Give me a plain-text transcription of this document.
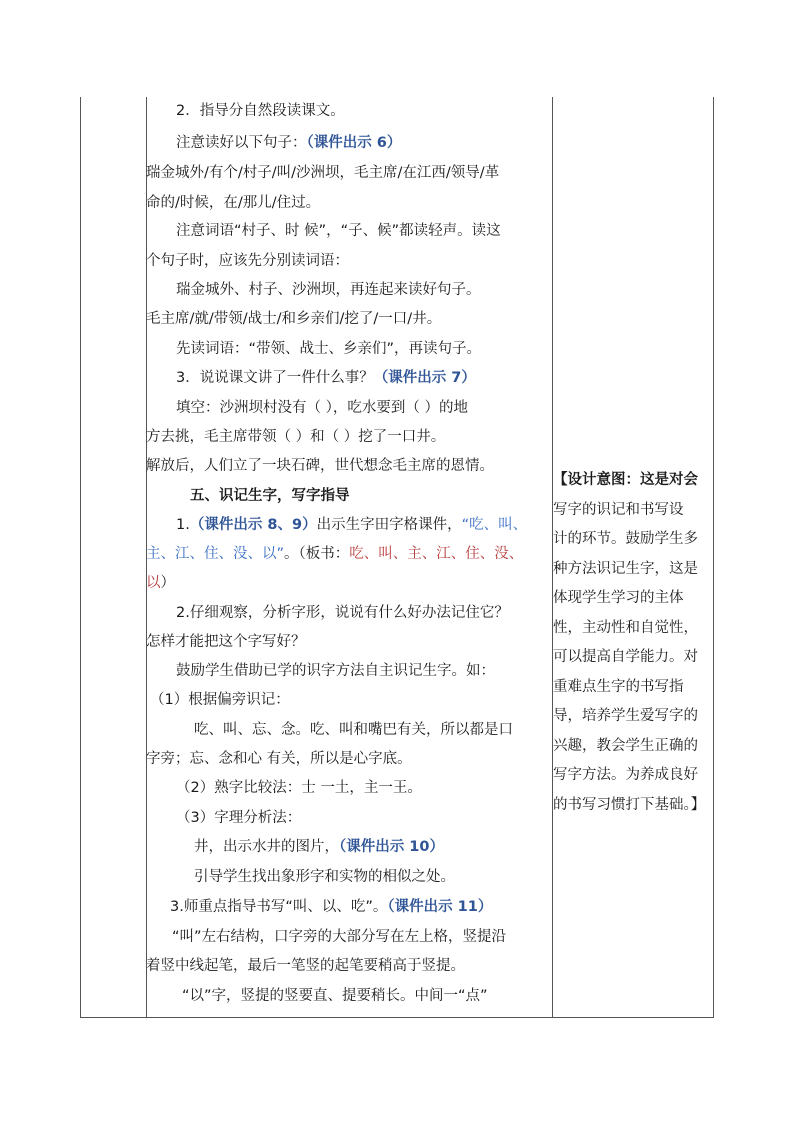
2．指导分自然段读课文。
注意读好以下句子：（课件出示 6）
瑞金城外/有个/村子/叫/沙洲坝，毛主席/在江西/领导/革
命的/时候，在/那儿/住过。
注意词语“村子、时 候”，“子、候”都读轻声。读这
个句子时，应该先分别读词语：
瑞金城外、村子、沙洲坝，再连起来读好句子。
毛主席/就/带领/战士/和乡亲们/挖了/一口/井。
先读词语：“带领、战士、乡亲们”，再读句子。
3．说说课文讲了一件什么事？（课件出示 7）
填空：沙洲坝村没有（ ），吃水要到（ ）的地
方去挑，毛主席带领（ ）和（ ）挖了一口井。
解放后，人们立了一块石碑，世代想念毛主席的恩情。
五、识记生字，写字指导
1.（课件出示 8、9）出示生字田字格课件，“吃、叫、
主、江、住、没、以”。（板书：吃、叫、主、江、住、没、
以）
2.仔细观察，分析字形，说说有什么好办法记住它？
怎样才能把这个字写好？
鼓励学生借助已学的识字方法自主识记生字。如：
（1）根据偏旁识记：
吃、叫、忘、念。吃、叫和嘴巴有关，所以都是口
字旁；忘、念和心 有关，所以是心字底。
（2）熟字比较法：士 一土，主一王。
（3）字理分析法：
井，出示水井的图片，（课件出示 10）
引导学生找出象形字和实物的相似之处。
3.师重点指导书写“叫、以、吃”。（课件出示 11）
“叫”左右结构，口字旁的大部分写在左上格，竖提沿
着竖中线起笔，最后一笔竖的起笔要稍高于竖提。
“以”字，竖提的竖要直、提要稍长。中间一“点”
【设计意图：这是对会
写字的识记和书写设
计的环节。鼓励学生多
种方法识记生字，这是
体现学生学习的主体
性，主动性和自觉性，
可以提高自学能力。对
重难点生字的书写指
导，培养学生爱写字的
兴趣，教会学生正确的
写字方法。为养成良好
的书写习惯打下基础。】
